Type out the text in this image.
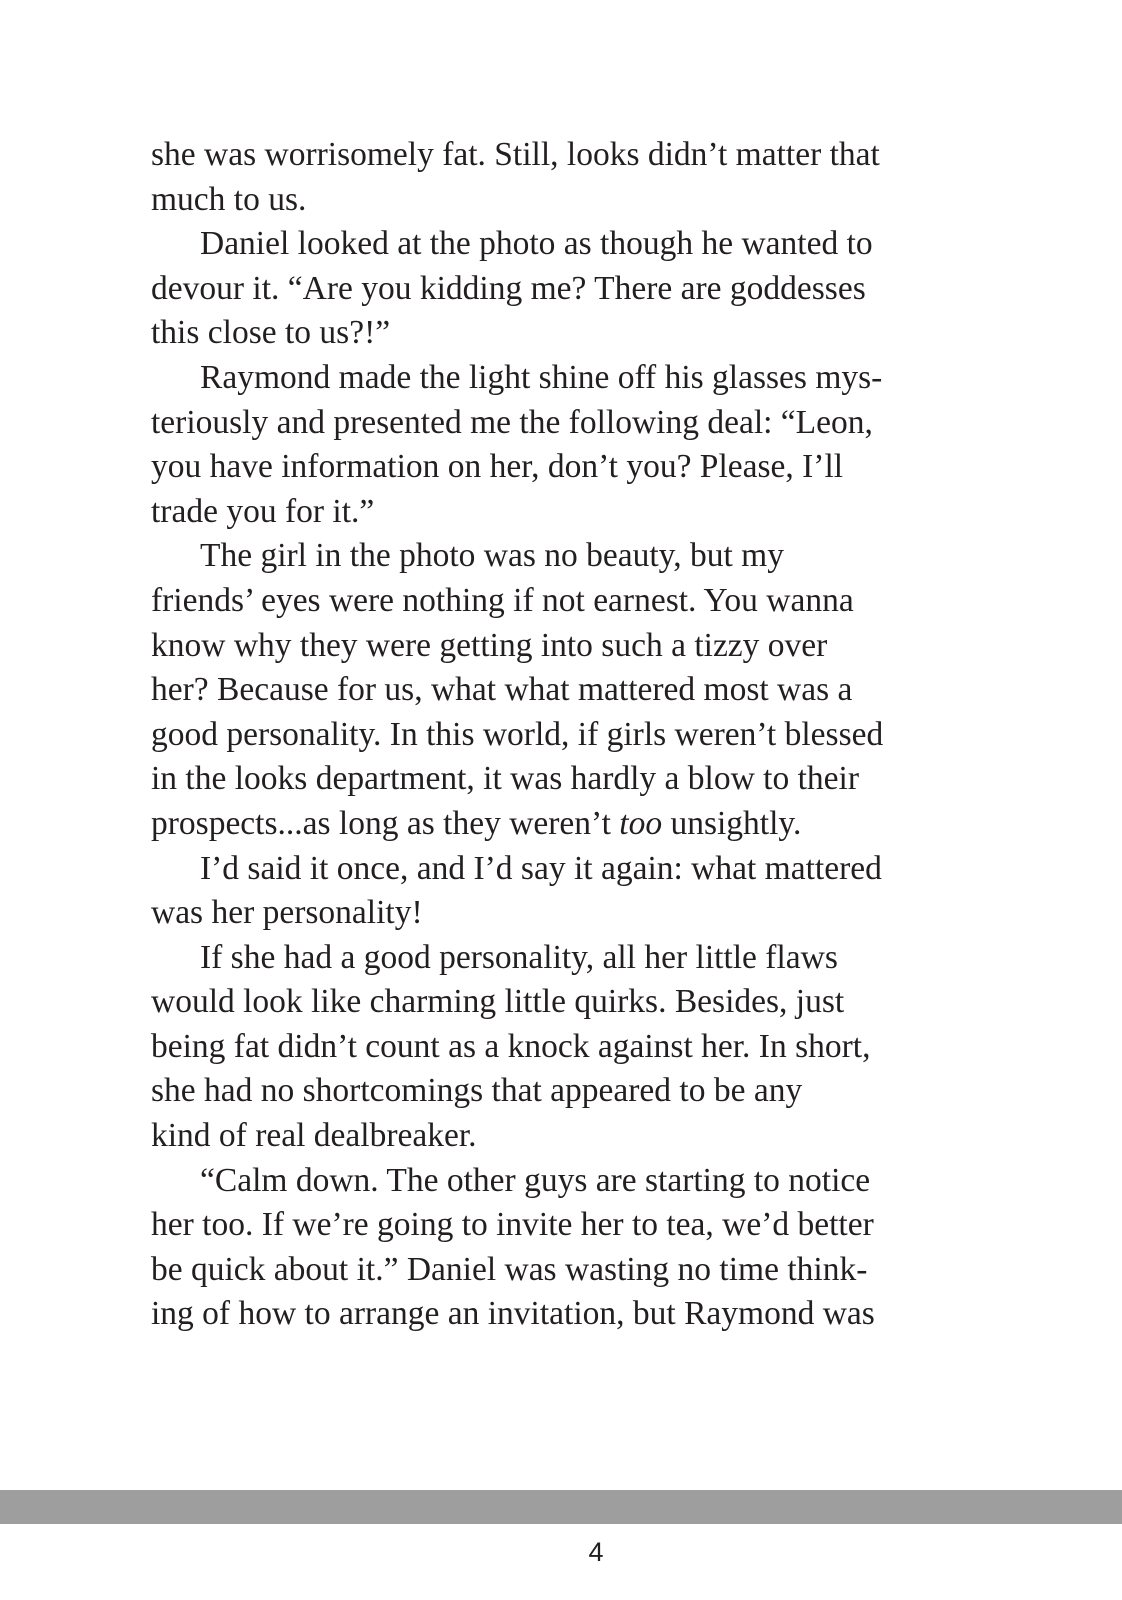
she was worrisomely fat. Still, looks didn’t matter that
much to us.
Daniel looked at the photo as though he wanted to
devour it. “Are you kidding me? There are goddesses
this close to us?!”
Raymond made the light shine off his glasses mys-
teriously and presented me the following deal: “Leon,
you have information on her, don’t you? Please, I’ll
trade you for it.”
The girl in the photo was no beauty, but my
friends’ eyes were nothing if not earnest. You wanna
know why they were getting into such a tizzy over
her? Because for us, what what mattered most was a
good personality. In this world, if girls weren’t blessed
in the looks department, it was hardly a blow to their
prospects...as long as they weren’t too unsightly.
I’d said it once, and I’d say it again: what mattered
was her personality!
If she had a good personality, all her little flaws
would look like charming little quirks. Besides, just
being fat didn’t count as a knock against her. In short,
she had no shortcomings that appeared to be any
kind of real dealbreaker.
“Calm down. The other guys are starting to notice
her too. If we’re going to invite her to tea, we’d better
be quick about it.” Daniel was wasting no time think-
ing of how to arrange an invitation, but Raymond was
4
